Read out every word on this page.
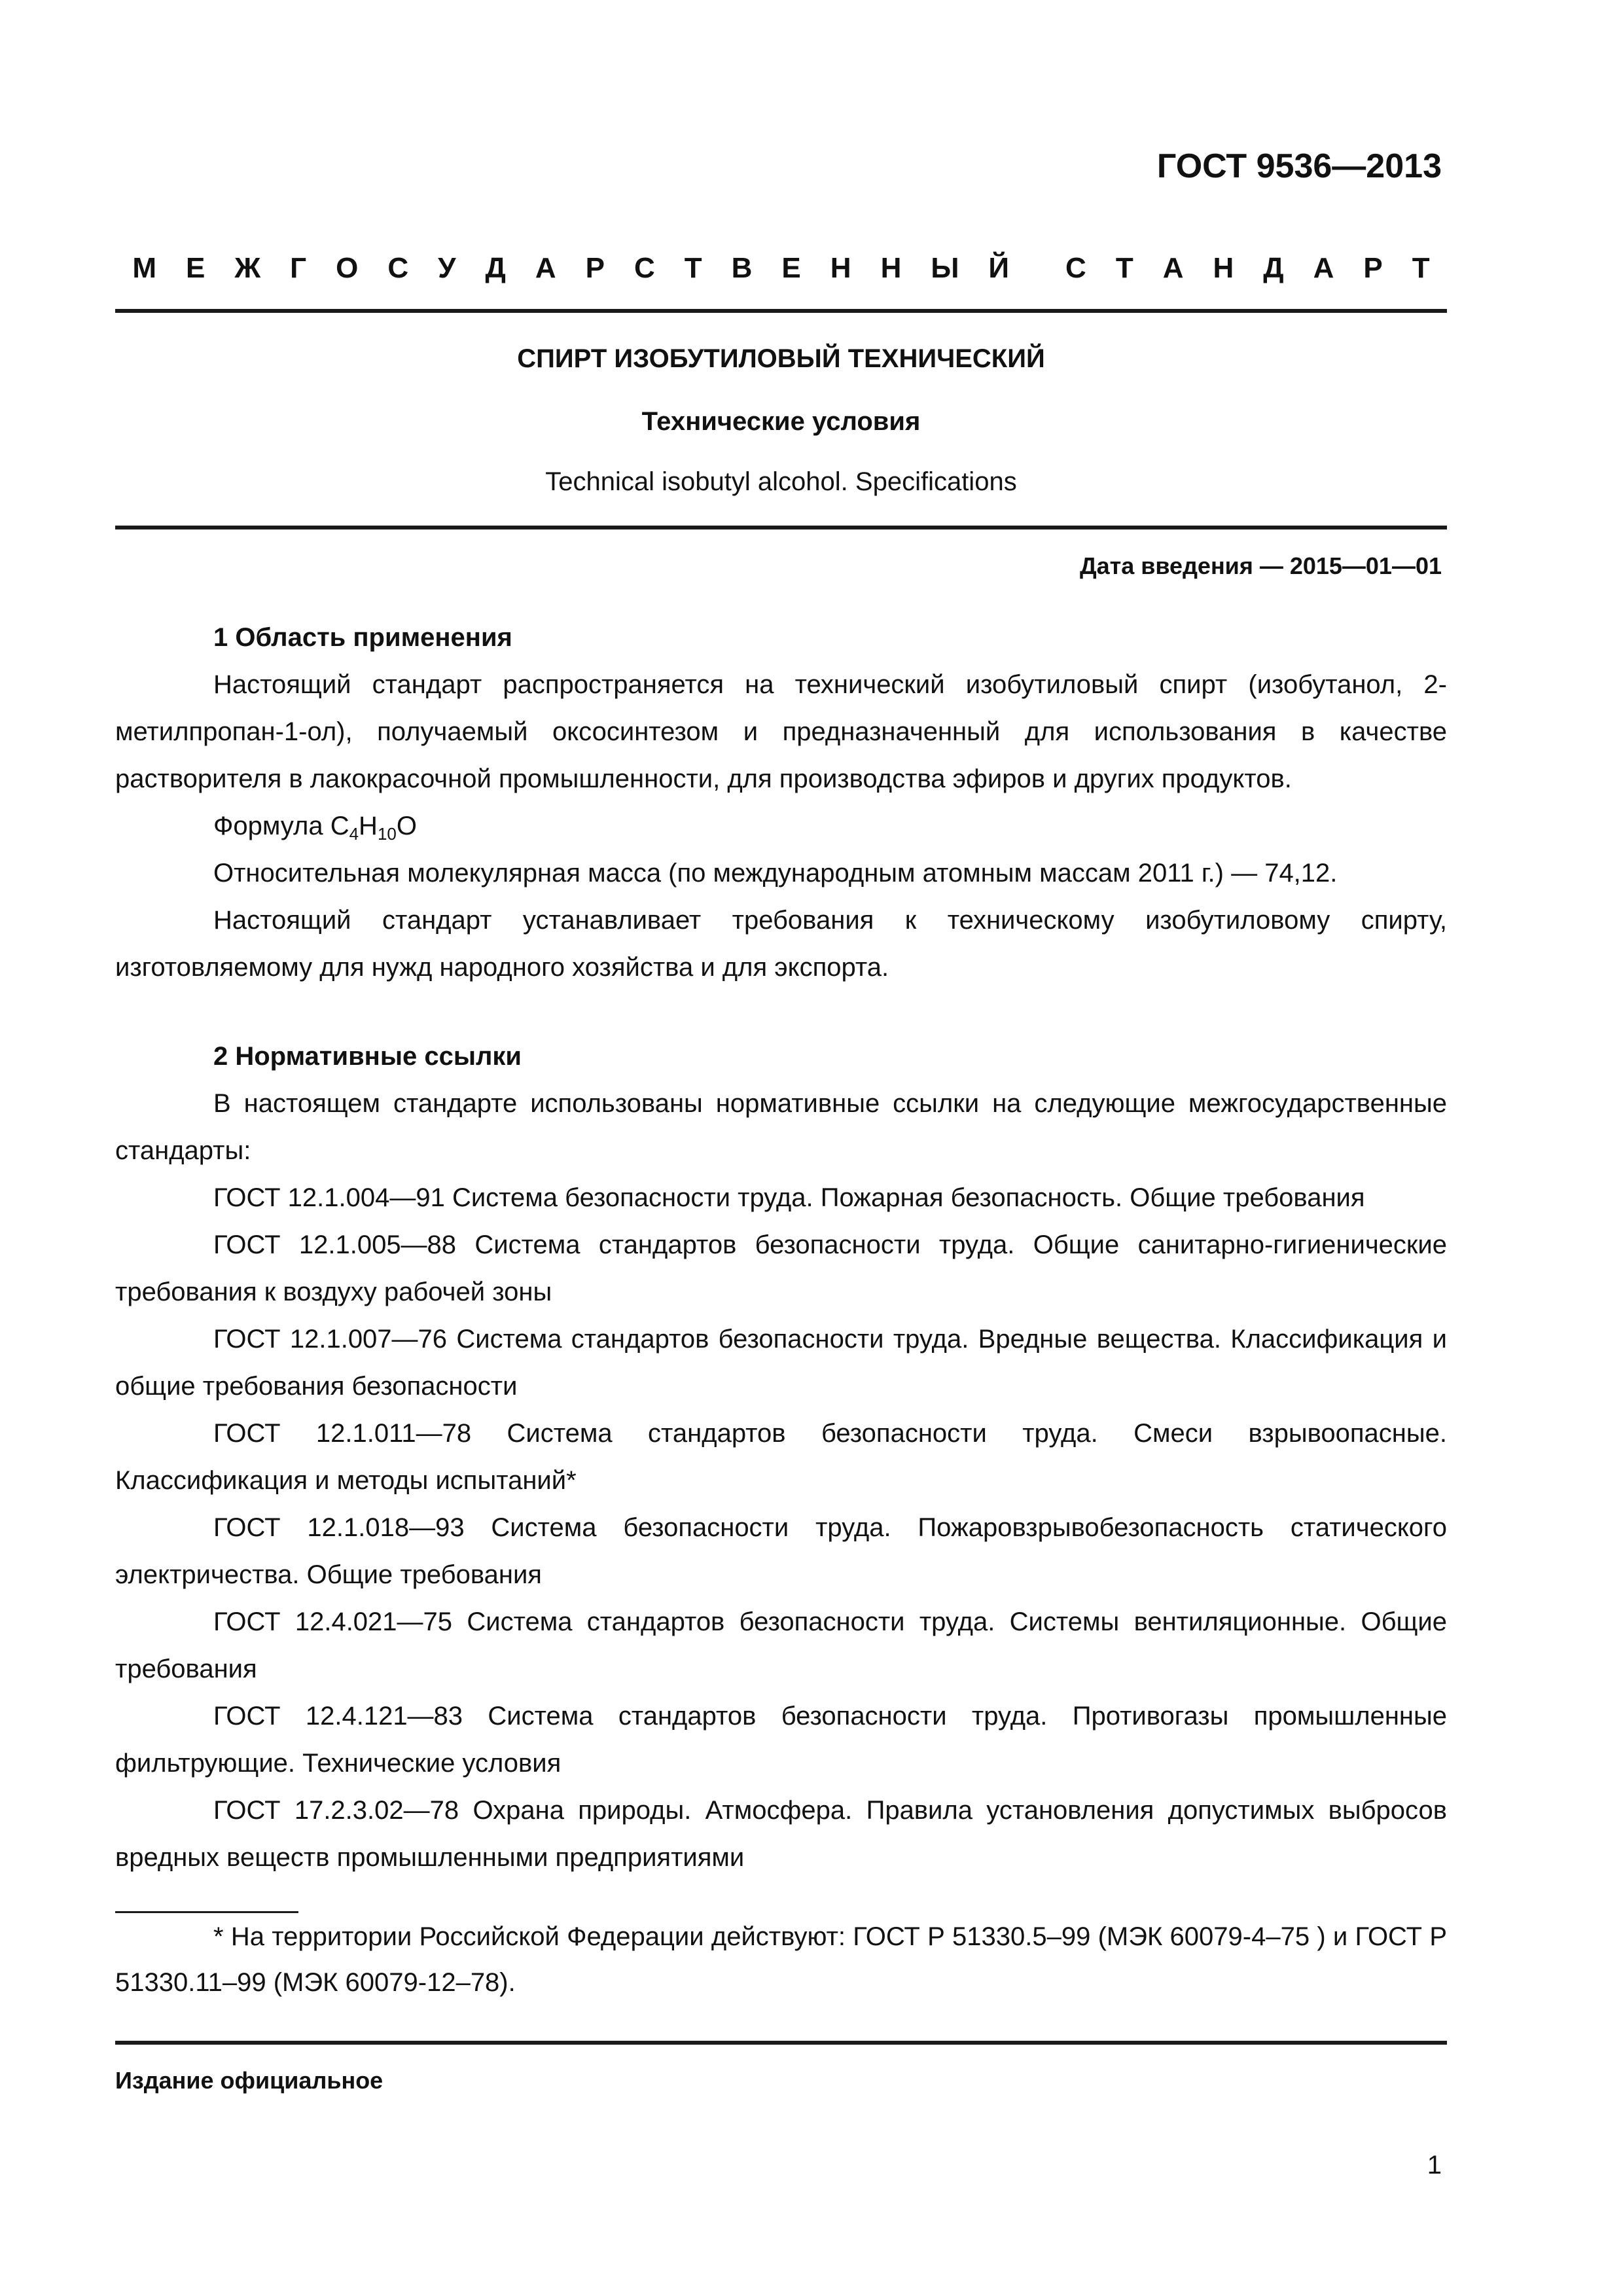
ГОСТ 9536—2013

М Е Ж Г О С У Д А Р С Т В Е Н Н Ы Й С Т А Н Д А Р Т

СПИРТ ИЗОБУТИЛОВЫЙ ТЕХНИЧЕСКИЙ

Технические условия

Technical isobutyl alcohol. Specifications

Дата введения — 2015—01—01

1 Область применения

Настоящий стандарт распространяется на технический изобутиловый спирт (изобутанол, 2-метилпропан-1-ол), получаемый оксосинтезом и предназначенный для использования в качестве растворителя в лакокрасочной промышленности, для производства эфиров и других продуктов.

Формула $C_4H_{10}O$

Относительная молекулярная масса (по международным атомным массам 2011 г.) — 74,12.

Настоящий стандарт устанавливает требования к техническому изобутиловому спирту, изготовляемому для нужд народного хозяйства и для экспорта.

2 Нормативные ссылки

В настоящем стандарте использованы нормативные ссылки на следующие межгосударственные стандарты:

ГОСТ 12.1.004—91 Система безопасности труда. Пожарная безопасность. Общие требования

ГОСТ 12.1.005—88 Система стандартов безопасности труда. Общие санитарно-гигиенические требования к воздуху рабочей зоны

ГОСТ 12.1.007—76 Система стандартов безопасности труда. Вредные вещества. Классификация и общие требования безопасности

ГОСТ 12.1.011—78 Система стандартов безопасности труда. Смеси взрывоопасные. Классификация и методы испытаний*

ГОСТ 12.1.018—93 Система безопасности труда. Пожаровзрывобезопасность статического электричества. Общие требования

ГОСТ 12.4.021—75 Система стандартов безопасности труда. Системы вентиляционные. Общие требования

ГОСТ 12.4.121—83 Система стандартов безопасности труда. Противогазы промышленные фильтрующие. Технические условия

ГОСТ 17.2.3.02—78 Охрана природы. Атмосфера. Правила установления допустимых выбросов вредных веществ промышленными предприятиями

* На территории Российской Федерации действуют: ГОСТ Р 51330.5–99 (МЭК 60079-4–75 ) и ГОСТ Р 51330.11–99 (МЭК 60079-12–78).

Издание официальное

1
